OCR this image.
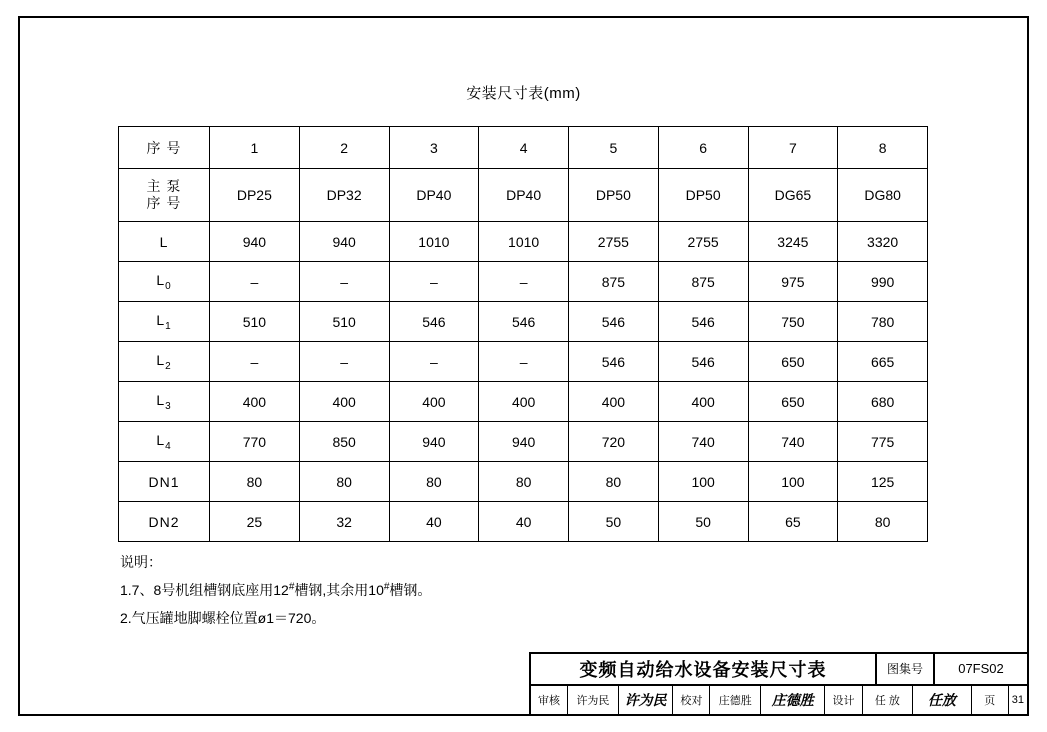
安装尺寸表(mm)
序 号	1	2	3	4	5	6	7	8

主 泵
序 号	DP25	DP32	DP40	DP40	DP50	DP50	DG65	DG80
L	940	940	1010	1010	2755	2755	3245	3320
$L_0$	–	–	–	–	875	875	975	990
$L_1$	510	510	546	546	546	546	750	780
$L_2$	–	–	–	–	546	546	650	665
$L_3$	400	400	400	400	400	400	650	680
$L_4$	770	850	940	940	720	740	740	775
DN1	80	80	80	80	80	100	100	125
DN2	25	32	40	40	50	50	65	80
说明：
1.7、8号机组槽钢底座用12#槽钢,其余用10#槽钢。
2.气压罐地脚螺栓位置ø1＝720。
变频自动给水设备安装尺寸表	图集号	07FS02
审核	许为民	许为民	校对	庄德胜	庄德胜	设计	任 放	任放	页	31
